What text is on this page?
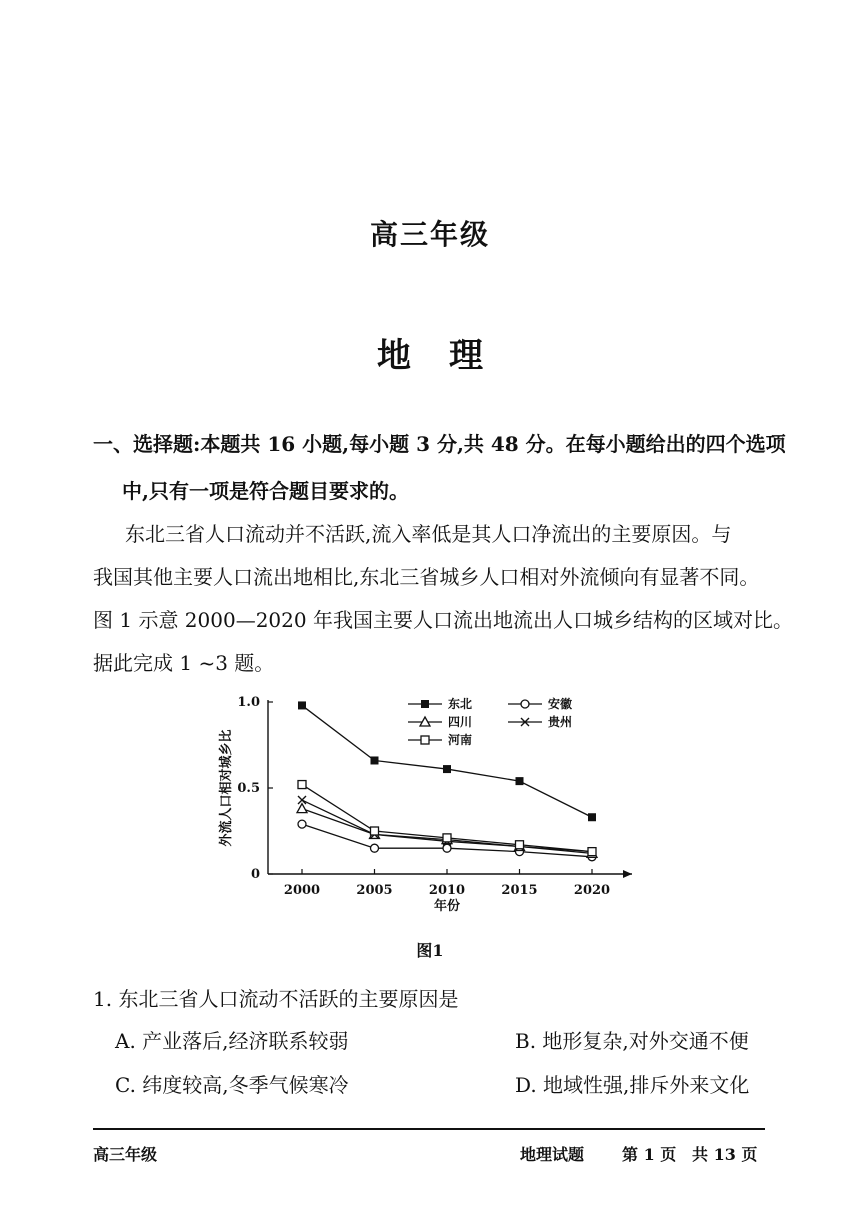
高三年级
地理
一、选择题:本题共 16 小题,每小题 3 分,共 48 分。在每小题给出的四个选项
中,只有一项是符合题目要求的。
东北三省人口流动并不活跃,流入率低是其人口净流出的主要原因。与
我国其他主要人口流出地相比,东北三省城乡人口相对外流倾向有显著不同。
图 1 示意 2000—2020 年我国主要人口流出地流出人口城乡结构的区域对比。
据此完成 1 ~3 题。
0
0.5
1.0
2000	2005	2010	2015	2020
年份
外流人口相对城乡比
东北	安徽
四川	贵州
河南
图1
1. 东北三省人口流动不活跃的主要原因是
A. 产业落后,经济联系较弱	B. 地形复杂,对外交通不便
C. 纬度较高,冬季气候寒冷	D. 地域性强,排斥外来文化
高三年级	地理试题 第 1 页 共 13 页
